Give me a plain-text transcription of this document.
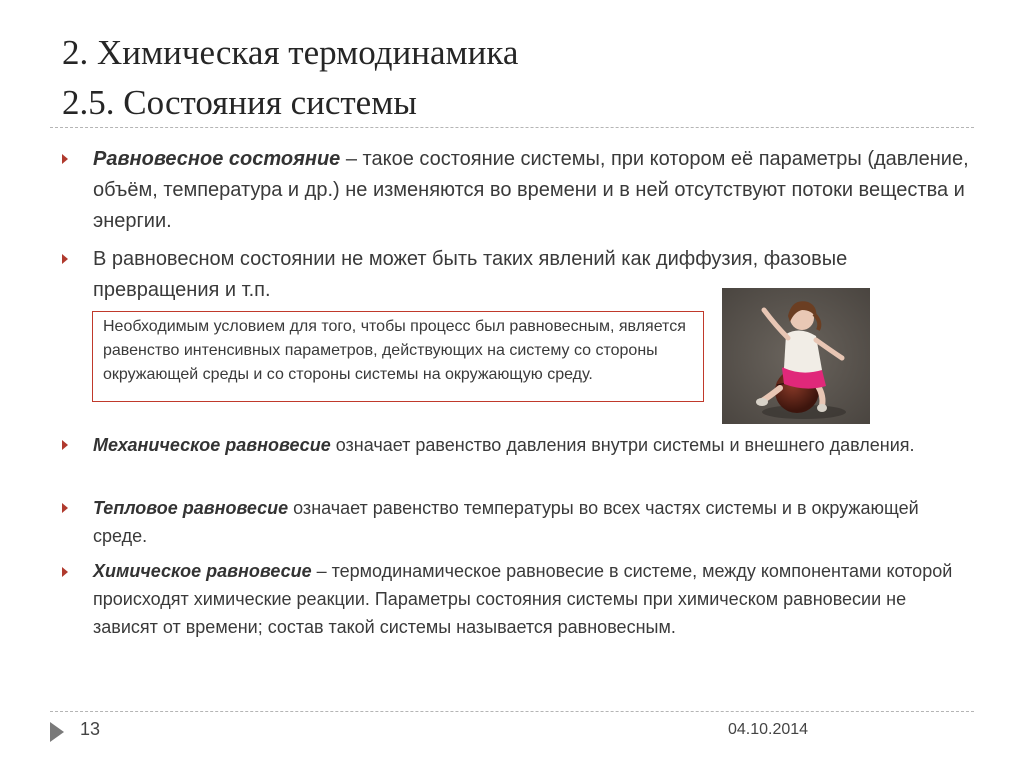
2. Химическая термодинамика
2.5. Состояния системы
Равновесное состояние – такое состояние системы, при котором её параметры (давление, объём, температура и др.) не изменяются во времени и в ней отсутствуют потоки вещества и энергии.
В равновесном состоянии не может быть таких явлений как диффузия, фазовые превращения и т.п.
Необходимым условием для того, чтобы процесс был равновесным, является равенство интенсивных параметров, действующих на систему со стороны окружающей среды и со стороны системы на окружающую среду.
Механическое равновесие означает равенство давления внутри системы и внешнего давления.
Тепловое равновесие означает равенство температуры во всех частях системы и в окружающей среде.
Химическое равновесие – термодинамическое равновесие в системе, между компонентами которой происходят химические реакции. Параметры состояния системы при химическом равновесии не зависят от времени; состав такой системы называется равновесным.
13	04.10.2014
